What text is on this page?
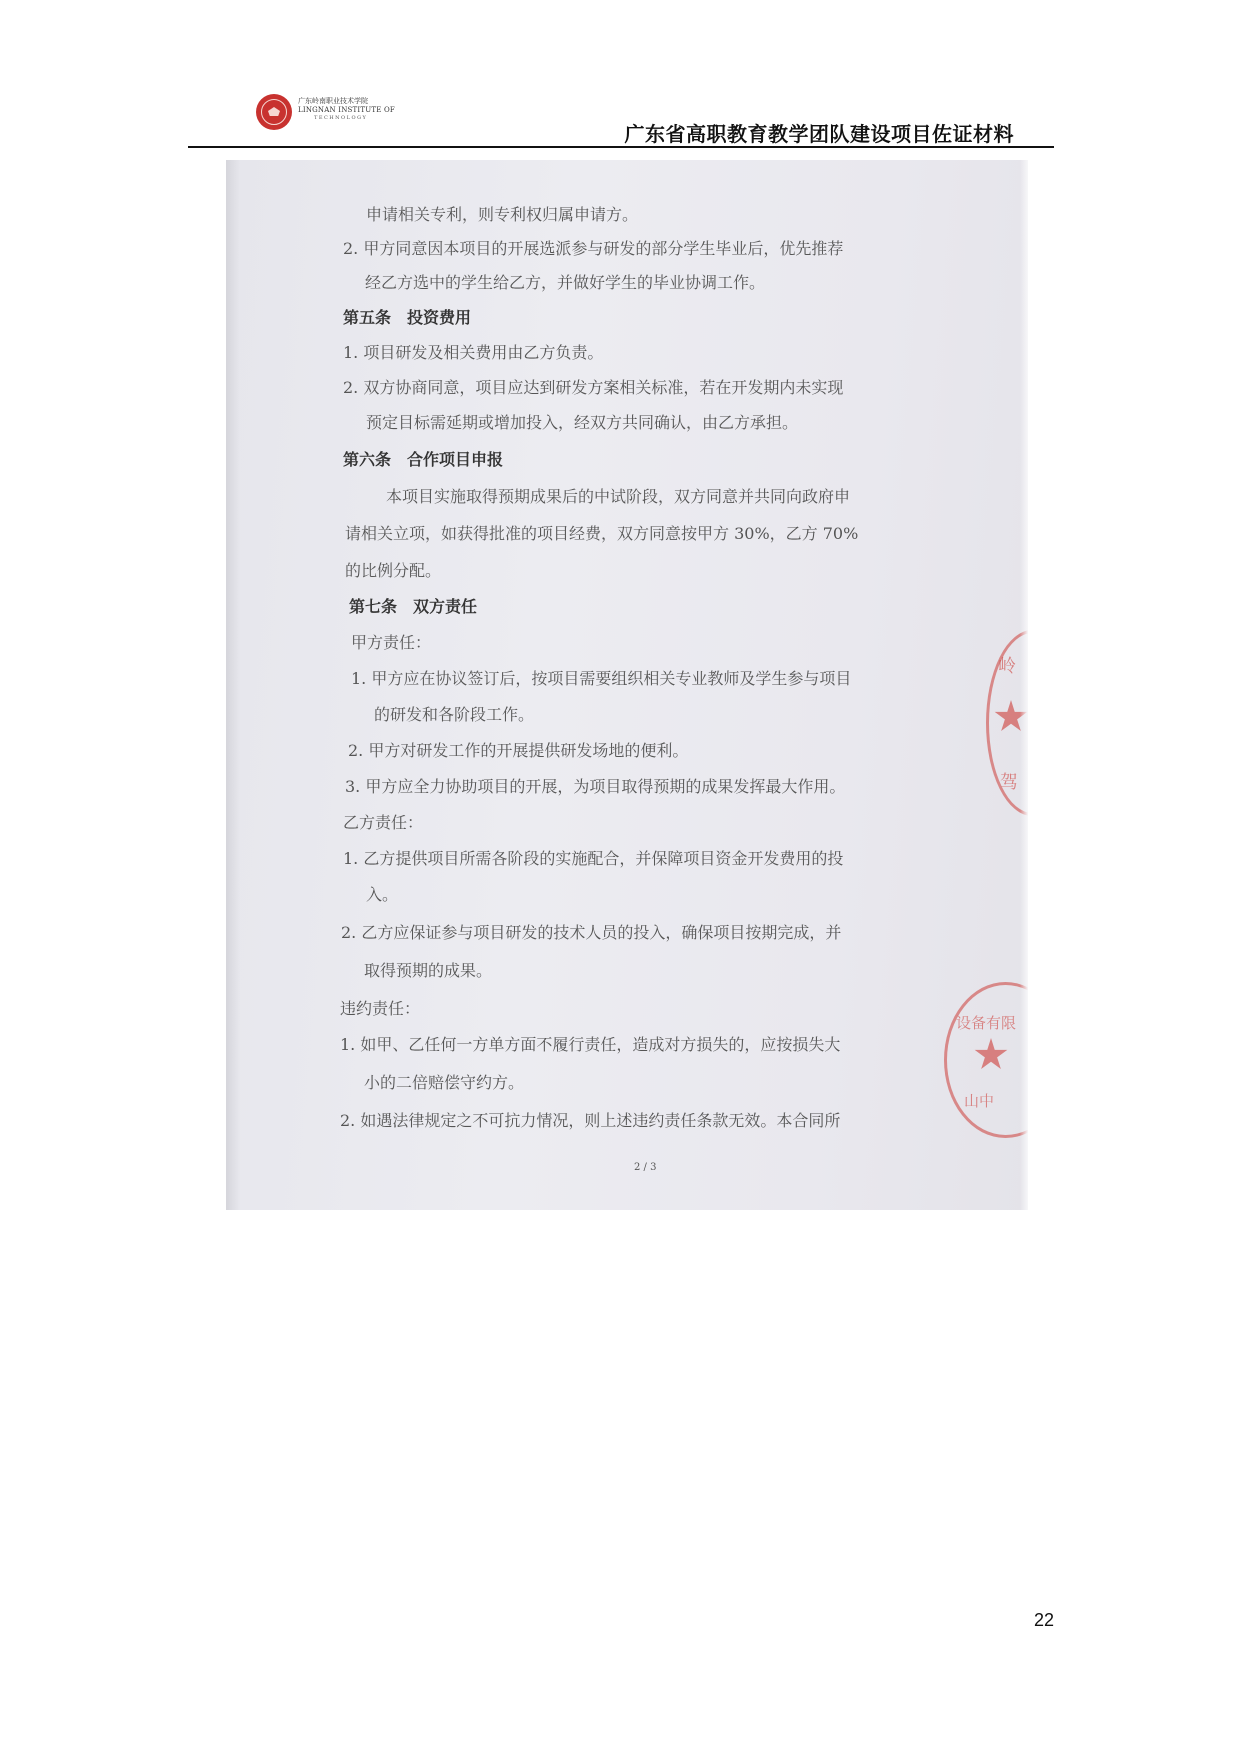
广东岭南职业技术学院
LINGNAN INSTITUTE OF
TECHNOLOGY
广东省高职教育教学团队建设项目佐证材料
申请相关专利，则专利权归属申请方。
2. 甲方同意因本项目的开展选派参与研发的部分学生毕业后，优先推荐
经乙方选中的学生给乙方，并做好学生的毕业协调工作。
第五条　投资费用
1. 项目研发及相关费用由乙方负责。
2. 双方协商同意，项目应达到研发方案相关标准，若在开发期内未实现
预定目标需延期或增加投入，经双方共同确认，由乙方承担。
第六条　合作项目申报
本项目实施取得预期成果后的中试阶段，双方同意并共同向政府申
请相关立项，如获得批准的项目经费，双方同意按甲方 30%，乙方 70%
的比例分配。
第七条　双方责任
甲方责任：
1. 甲方应在协议签订后，按项目需要组织相关专业教师及学生参与项目
的研发和各阶段工作。
2. 甲方对研发工作的开展提供研发场地的便利。
3. 甲方应全力协助项目的开展，为项目取得预期的成果发挥最大作用。
乙方责任：
1. 乙方提供项目所需各阶段的实施配合，并保障项目资金开发费用的投
入。
2. 乙方应保证参与项目研发的技术人员的投入，确保项目按期完成，并
取得预期的成果。
违约责任：
1. 如甲、乙任何一方单方面不履行责任，造成对方损失的，应按损失大
小的二倍赔偿守约方。
2. 如遇法律规定之不可抗力情况，则上述违约责任条款无效。本合同所
2 / 3
岭
驾
设备有限
山中
22
